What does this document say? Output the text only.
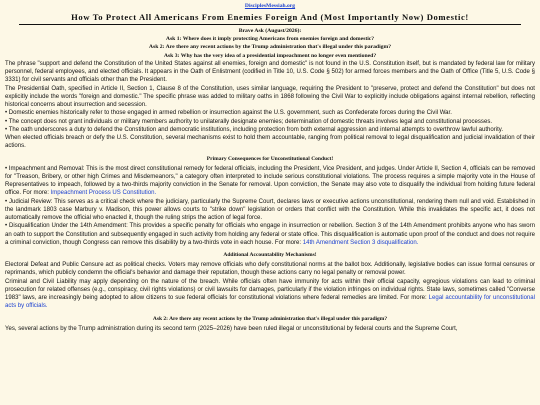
DisciplesMessiah.org
How To Protect All Americans From Enemies Foreign And (Most Importantly Now) Domestic!
Brave Ask (August/2026):
Ask 1: Where does it imply protecting Americans from enemies foreign and domestic?
Ask 2: Are there any recent actions by the Trump administration that's illegal under this paradigm?
Ask 3: Why has the very idea of a presidential impeachment no longer even mentioned?

The phrase "support and defend the Constitution of the United States against all enemies, foreign and domestic" is not found in the U.S. Constitution itself, but is mandated by federal law for military personnel, federal employees, and elected officials. It appears in the Oath of Enlistment (codified in Title 10, U.S. Code § 502) for armed forces members and the Oath of Office (Title 5, U.S. Code § 3331) for civil servants and officials other than the President.

The Presidential Oath, specified in Article II, Section 1, Clause 8 of the Constitution, uses similar language, requiring the President to "preserve, protect and defend the Constitution" but does not explicitly include the words "foreign and domestic." The specific phrase was added to military oaths in 1868 following the Civil War to explicitly include obligations against internal rebellion, reflecting historical concerns about insurrection and secession.

• Domestic enemies historically refer to those engaged in armed rebellion or insurrection against the U.S. government, such as Confederate forces during the Civil War.

• The concept does not grant individuals or military members authority to unilaterally designate enemies; determination of domestic threats involves legal and constitutional processes.

• The oath underscores a duty to defend the Constitution and democratic institutions, including protection from both external aggression and internal attempts to overthrow lawful authority.

When elected officials breach or defy the U.S. Constitution, several mechanisms exist to hold them accountable, ranging from political removal to legal disqualification and judicial invalidation of their actions.

Primary Consequences for Unconstitutional Conduct!

• Impeachment and Removal: This is the most direct constitutional remedy for federal officials, including the President, Vice President, and judges. Under Article II, Section 4, officials can be removed for "Treason, Bribery, or other high Crimes and Misdemeanors," a category often interpreted to include serious constitutional violations. The process requires a simple majority vote in the House of Representatives to impeach, followed by a two-thirds majority conviction in the Senate for removal. Upon conviction, the Senate may also vote to disqualify the individual from holding future federal office. For more: Impeachment Process US Constitution.

• Judicial Review: This serves as a critical check where the judiciary, particularly the Supreme Court, declares laws or executive actions unconstitutional, rendering them null and void. Established in the landmark 1803 case Marbury v. Madison, this power allows courts to "strike down" legislation or orders that conflict with the Constitution. While this invalidates the specific act, it does not automatically remove the official who enacted it, though the ruling strips the action of legal force.

• Disqualification Under the 14th Amendment: This provides a specific penalty for officials who engage in insurrection or rebellion. Section 3 of the 14th Amendment prohibits anyone who has sworn an oath to support the Constitution and subsequently engaged in such activity from holding any federal or state office. This disqualification is automatic upon proof of the conduct and does not require a criminal conviction, though Congress can remove this disability by a two-thirds vote in each house. For more: 14th Amendment Section 3 disqualification.

Additional Accountability Mechanisms!

Electoral Defeat and Public Censure act as political checks. Voters may remove officials who defy constitutional norms at the ballot box. Additionally, legislative bodies can issue formal censures or reprimands, which publicly condemn the official's behavior and damage their reputation, though these actions carry no legal penalty or removal power.

Criminal and Civil Liability may apply depending on the nature of the breach. While officials often have immunity for acts within their official capacity, egregious violations can lead to criminal prosecution for related offenses (e.g., conspiracy, civil rights violations) or civil lawsuits for damages, particularly if the violation infringes on individual rights. State laws, sometimes called "Converse 1983" laws, are increasingly being adopted to allow citizens to sue federal officials for constitutional violations where federal remedies are limited. For more: Legal accountability for unconstitutional acts by officials.

Ask 2: Are there any recent actions by the Trump administration that's illegal under this paradigm?

Yes, several actions by the Trump administration during its second term (2025–2026) have been ruled illegal or unconstitutional by federal courts and the Supreme Court,
